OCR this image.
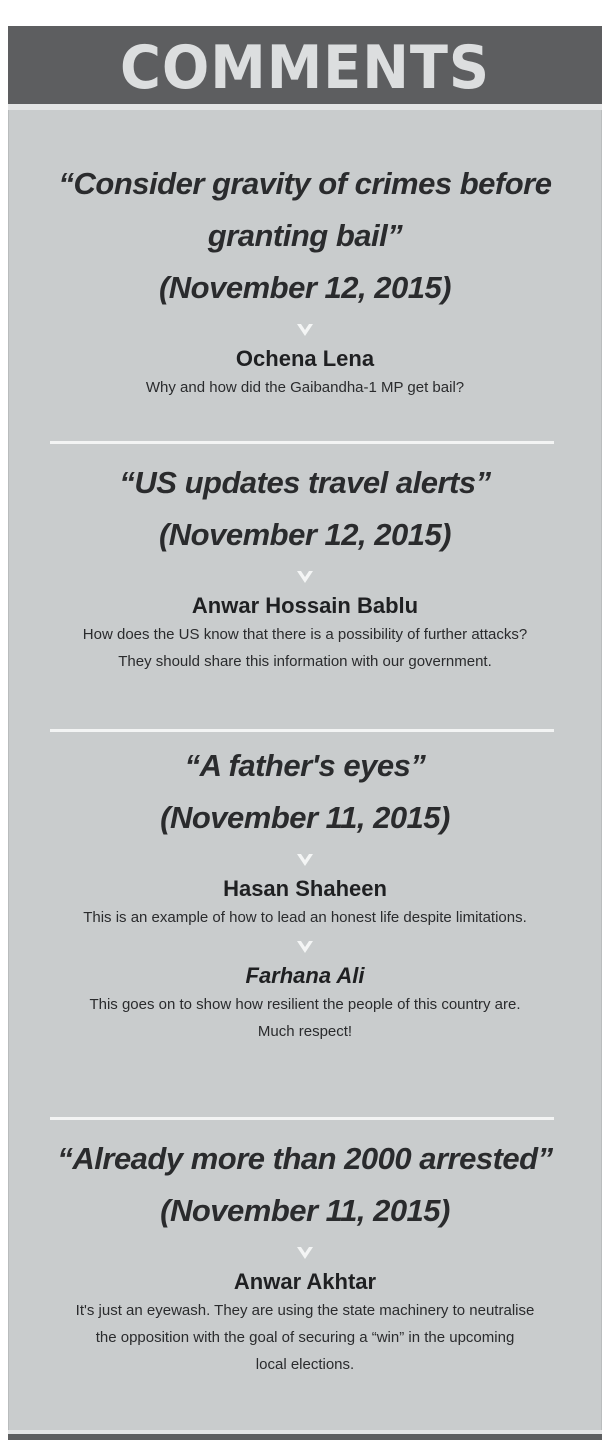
COMMENTS

“Consider gravity of crimes before

granting bail”

(November 12, 2015)

Ochena Lena

Why and how did the Gaibandha-1 MP get bail?

“US updates travel alerts”

(November 12, 2015)

Anwar Hossain Bablu

How does the US know that there is a possibility of further attacks?

They should share this information with our government.

“A father's eyes”

(November 11, 2015)

Hasan Shaheen

This is an example of how to lead an honest life despite limitations.

Farhana Ali

This goes on to show how resilient the people of this country are.

Much respect!

“Already more than 2000 arrested”

(November 11, 2015)

Anwar Akhtar

It's just an eyewash. They are using the state machinery to neutralise

the opposition with the goal of securing a “win” in the upcoming

local elections.
